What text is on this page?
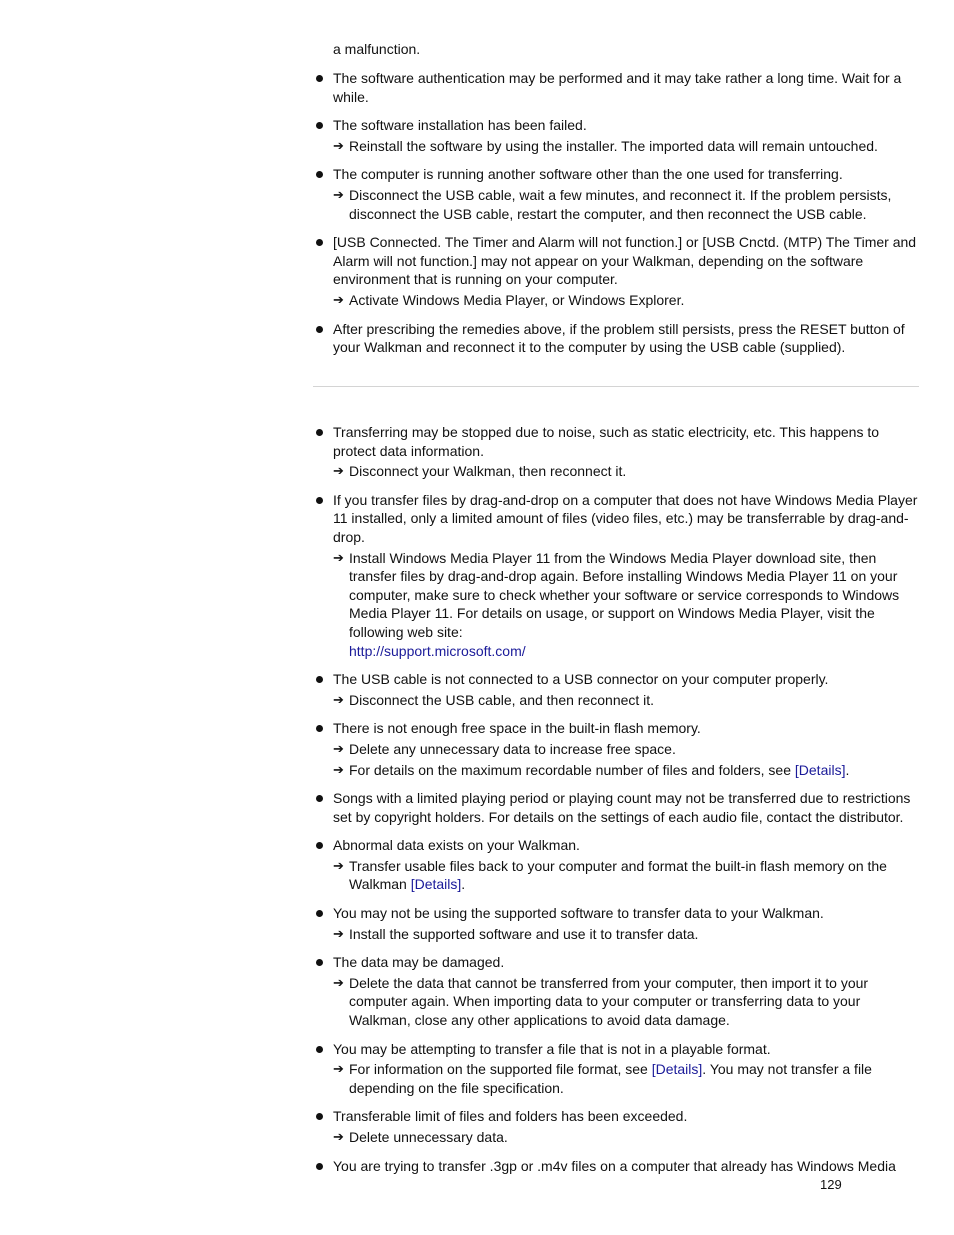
a malfunction.
The software authentication may be performed and it may take rather a long time. Wait for a while.
The software installation has been failed.
➔ Reinstall the software by using the installer. The imported data will remain untouched.
The computer is running another software other than the one used for transferring.
➔ Disconnect the USB cable, wait a few minutes, and reconnect it. If the problem persists, disconnect the USB cable, restart the computer, and then reconnect the USB cable.
[USB Connected. The Timer and Alarm will not function.] or [USB Cnctd. (MTP) The Timer and Alarm will not function.] may not appear on your Walkman, depending on the software environment that is running on your computer.
➔ Activate Windows Media Player, or Windows Explorer.
After prescribing the remedies above, if the problem still persists, press the RESET button of your Walkman and reconnect it to the computer by using the USB cable (supplied).
Transferring may be stopped due to noise, such as static electricity, etc. This happens to protect data information.
➔ Disconnect your Walkman, then reconnect it.
If you transfer files by drag-and-drop on a computer that does not have Windows Media Player 11 installed, only a limited amount of files (video files, etc.) may be transferrable by drag-and-drop.
➔ Install Windows Media Player 11 from the Windows Media Player download site, then transfer files by drag-and-drop again. Before installing Windows Media Player 11 on your computer, make sure to check whether your software or service corresponds to Windows Media Player 11. For details on usage, or support on Windows Media Player, visit the following web site:
http://support.microsoft.com/
The USB cable is not connected to a USB connector on your computer properly.
➔ Disconnect the USB cable, and then reconnect it.
There is not enough free space in the built-in flash memory.
➔ Delete any unnecessary data to increase free space.
➔ For details on the maximum recordable number of files and folders, see [Details].
Songs with a limited playing period or playing count may not be transferred due to restrictions set by copyright holders. For details on the settings of each audio file, contact the distributor.
Abnormal data exists on your Walkman.
➔ Transfer usable files back to your computer and format the built-in flash memory on the Walkman [Details].
You may not be using the supported software to transfer data to your Walkman.
➔ Install the supported software and use it to transfer data.
The data may be damaged.
➔ Delete the data that cannot be transferred from your computer, then import it to your computer again. When importing data to your computer or transferring data to your Walkman, close any other applications to avoid data damage.
You may be attempting to transfer a file that is not in a playable format.
➔ For information on the supported file format, see [Details]. You may not transfer a file depending on the file specification.
Transferable limit of files and folders has been exceeded.
➔ Delete unnecessary data.
You are trying to transfer .3gp or .m4v files on a computer that already has Windows Media
129
